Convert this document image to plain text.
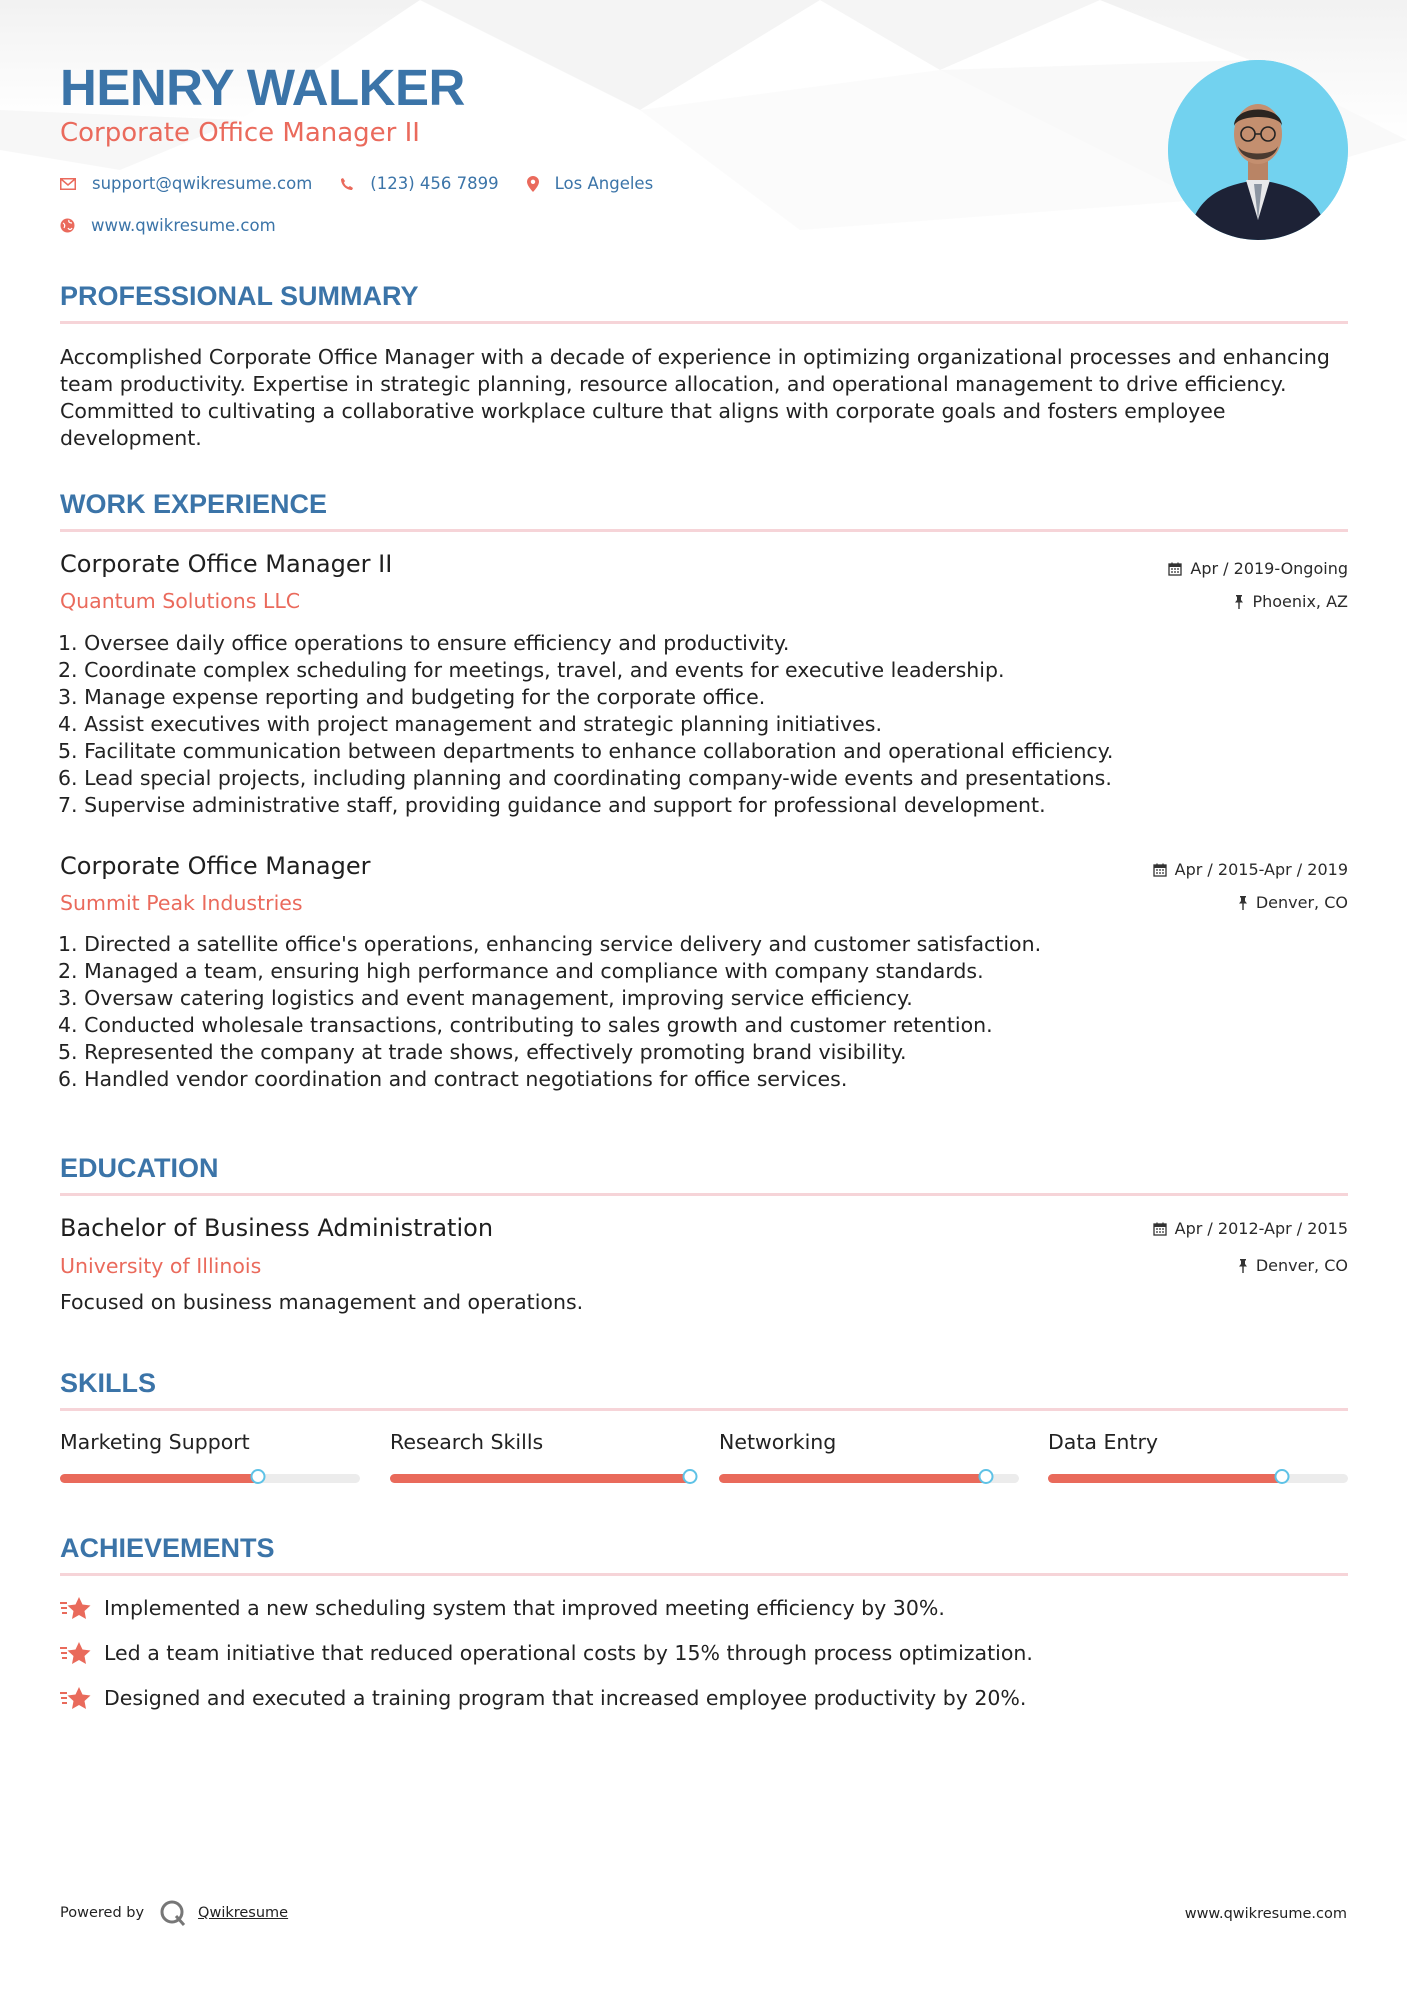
HENRY WALKER
Corporate Office Manager II
support@qwikresume.com	(123) 456 7899	Los Angeles
www.qwikresume.com
PROFESSIONAL SUMMARY
Accomplished Corporate Office Manager with a decade of experience in optimizing organizational processes and enhancing team productivity. Expertise in strategic planning, resource allocation, and operational management to drive efficiency. Committed to cultivating a collaborative workplace culture that aligns with corporate goals and fosters employee development.
WORK EXPERIENCE
Corporate Office Manager II
Quantum Solutions LLC
Apr / 2019-Ongoing
Phoenix, AZ
1. Oversee daily office operations to ensure efficiency and productivity.
2. Coordinate complex scheduling for meetings, travel, and events for executive leadership.
3. Manage expense reporting and budgeting for the corporate office.
4. Assist executives with project management and strategic planning initiatives.
5. Facilitate communication between departments to enhance collaboration and operational efficiency.
6. Lead special projects, including planning and coordinating company-wide events and presentations.
7. Supervise administrative staff, providing guidance and support for professional development.
Corporate Office Manager
Summit Peak Industries
Apr / 2015-Apr / 2019
Denver, CO
1. Directed a satellite office's operations, enhancing service delivery and customer satisfaction.
2. Managed a team, ensuring high performance and compliance with company standards.
3. Oversaw catering logistics and event management, improving service efficiency.
4. Conducted wholesale transactions, contributing to sales growth and customer retention.
5. Represented the company at trade shows, effectively promoting brand visibility.
6. Handled vendor coordination and contract negotiations for office services.
EDUCATION
Bachelor of Business Administration
University of Illinois
Apr / 2012-Apr / 2015
Denver, CO
Focused on business management and operations.
SKILLS
Marketing Support	Research Skills	Networking	Data Entry
ACHIEVEMENTS
Implemented a new scheduling system that improved meeting efficiency by 30%.
Led a team initiative that reduced operational costs by 15% through process optimization.
Designed and executed a training program that increased employee productivity by 20%.
Powered by	Qwikresume	www.qwikresume.com
